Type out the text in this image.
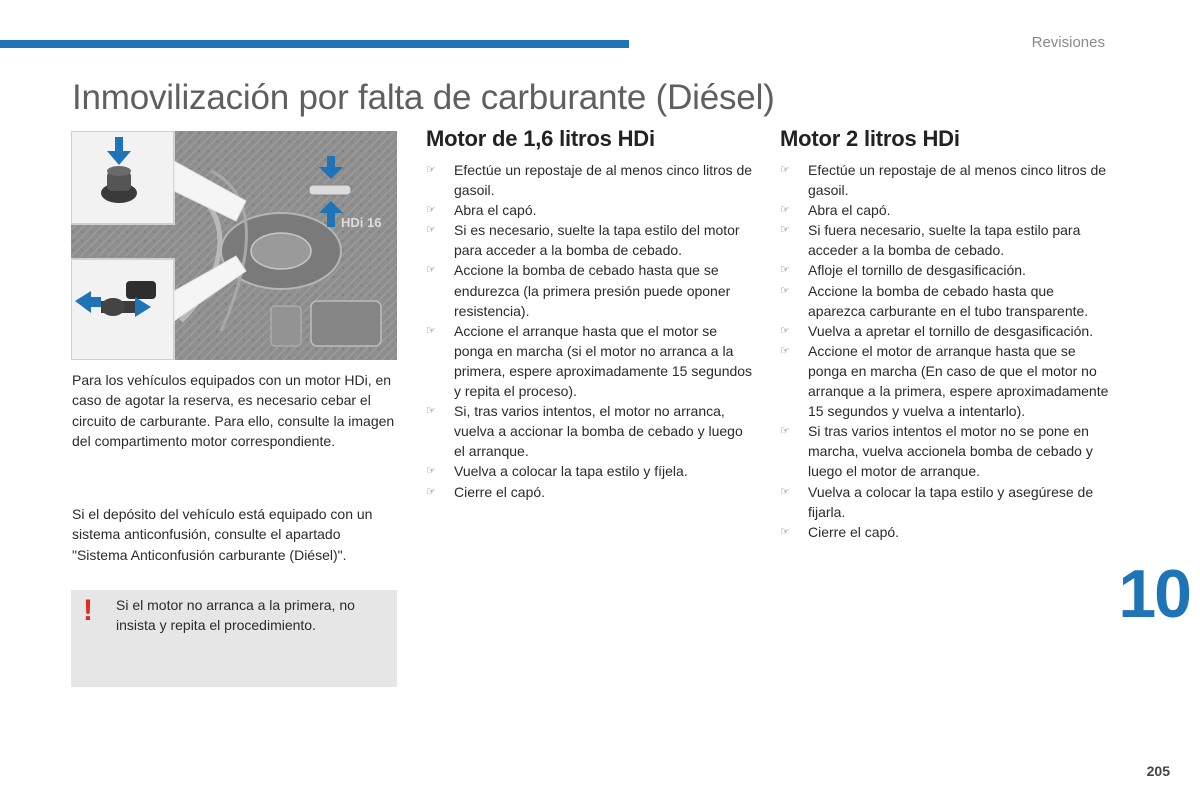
Revisiones
Inmovilización por falta de carburante (Diésel)
HDi 16

Para los vehículos equipados con un motor HDi, en caso de agotar la reserva, es necesario cebar el circuito de carburante. Para ello, consulte la imagen del compartimento motor correspondiente.

Si el depósito del vehículo está equipado con un sistema anticonfusión, consulte el apartado "Sistema Anticonfusión carburante (Diésel)".

! Si el motor no arranca a la primera, no insista y repita el procedimiento.

Motor de 1,6 litros HDi
☞	Efectúe un repostaje de al menos cinco litros de gasoil.
☞	Abra el capó.
☞	Si es necesario, suelte la tapa estilo del motor para acceder a la bomba de cebado.
☞	Accione la bomba de cebado hasta que se endurezca (la primera presión puede oponer resistencia).
☞	Accione el arranque hasta que el motor se ponga en marcha (si el motor no arranca a la primera, espere aproximadamente 15 segundos y repita el proceso).
☞	Si, tras varios intentos, el motor no arranca, vuelva a accionar la bomba de cebado y luego el arranque.
☞	Vuelva a colocar la tapa estilo y fíjela.
☞	Cierre el capó.
Motor 2 litros HDi
☞	Efectúe un repostaje de al menos cinco litros de gasoil.
☞	Abra el capó.
☞	Si fuera necesario, suelte la tapa estilo para acceder a la bomba de cebado.
☞	Afloje el tornillo de desgasificación.
☞	Accione la bomba de cebado hasta que aparezca carburante en el tubo transparente.
☞	Vuelva a apretar el tornillo de desgasificación.
☞	Accione el motor de arranque hasta que se ponga en marcha (En caso de que el motor no arranque a la primera, espere aproximadamente 15 segundos y vuelva a intentarlo).
☞	Si tras varios intentos el motor no se pone en marcha, vuelva accionela bomba de cebado y luego el motor de arranque.
☞	Vuelva a colocar la tapa estilo y asegúrese de fijarla.
☞	Cierre el capó.
10
205
